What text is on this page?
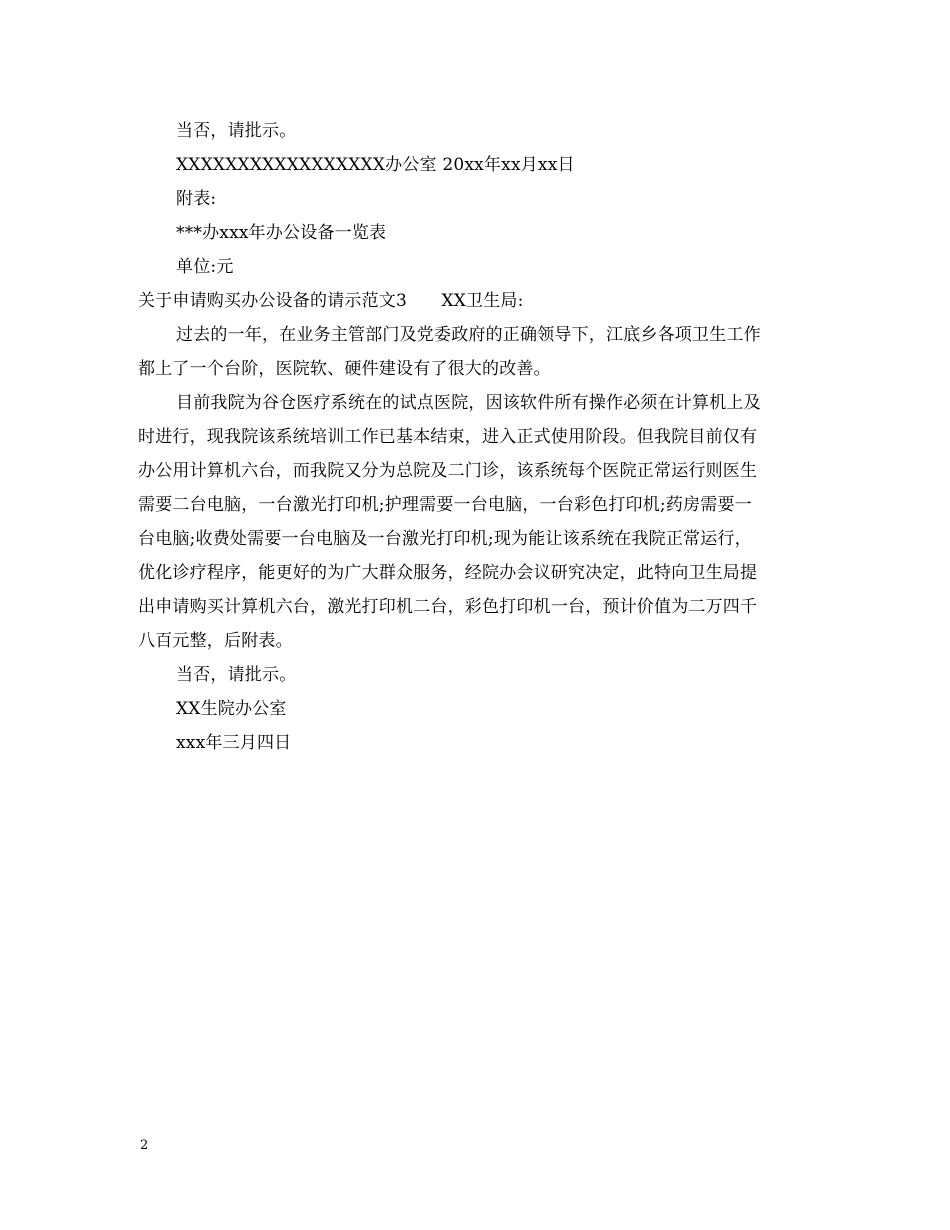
当否，请批示。
XXXXXXXXXXXXXXXXX办公室 20xx年xx月xx日
附表:
***办xxx年办公设备一览表
单位:元
关于申请购买办公设备的请示范文3　　XX卫生局:
过去的一年，在业务主管部门及党委政府的正确领导下，江底乡各项卫生工作
都上了一个台阶，医院软、硬件建设有了很大的改善。
目前我院为谷仓医疗系统在的试点医院，因该软件所有操作必须在计算机上及
时进行，现我院该系统培训工作已基本结束，进入正式使用阶段。但我院目前仅有
办公用计算机六台，而我院又分为总院及二门诊，该系统每个医院正常运行则医生
需要二台电脑，一台激光打印机;护理需要一台电脑，一台彩色打印机;药房需要一
台电脑;收费处需要一台电脑及一台激光打印机;现为能让该系统在我院正常运行，
优化诊疗程序，能更好的为广大群众服务，经院办会议研究决定，此特向卫生局提
出申请购买计算机六台，激光打印机二台，彩色打印机一台，预计价值为二万四千
八百元整，后附表。
当否，请批示。
XX生院办公室
xxx年三月四日
2
